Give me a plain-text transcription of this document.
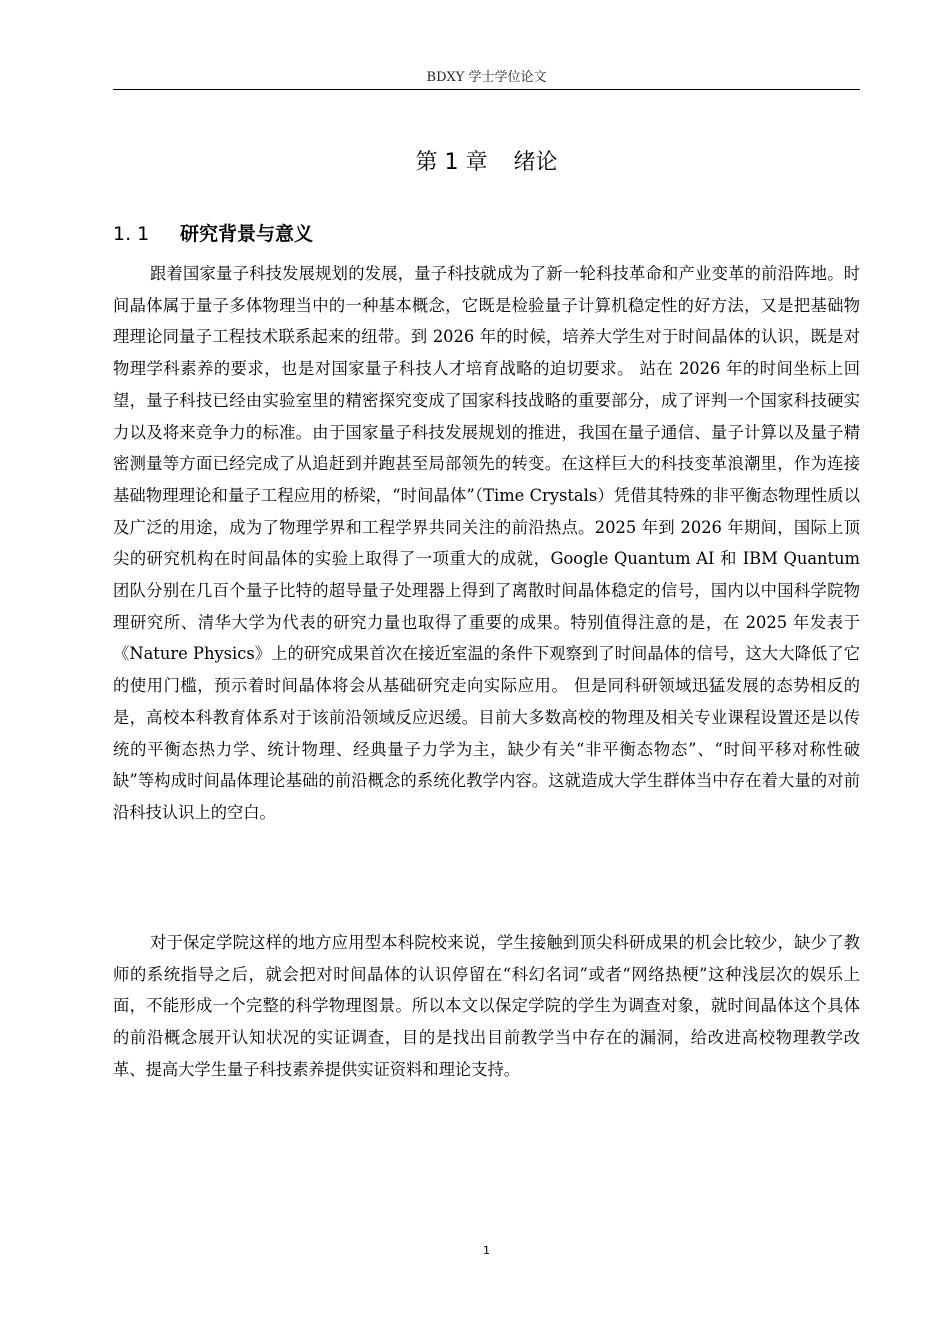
BDXY 学士学位论文
第 1 章 绪论
1. 1 研究背景与意义

跟着国家量子科技发展规划的发展，量子科技就成为了新一轮科技革命和产业变革的前沿阵地。时间晶体属于量子多体物理当中的一种基本概念，它既是检验量子计算机稳定性的好方法，又是把基础物理理论同量子工程技术联系起来的纽带。到 2026 年的时候，培养大学生对于时间晶体的认识，既是对物理学科素养的要求，也是对国家量子科技人才培育战略的迫切要求。 站在 2026 年的时间坐标上回望，量子科技已经由实验室里的精密探究变成了国家科技战略的重要部分，成了评判一个国家科技硬实力以及将来竞争力的标准。由于国家量子科技发展规划的推进，我国在量子通信、量子计算以及量子精密测量等方面已经完成了从追赶到并跑甚至局部领先的转变。在这样巨大的科技变革浪潮里，作为连接基础物理理论和量子工程应用的桥梁，“时间晶体”（Time Crystals）凭借其特殊的非平衡态物理性质以及广泛的用途，成为了物理学界和工程学界共同关注的前沿热点。2025 年到 2026 年期间，国际上顶尖的研究机构在时间晶体的实验上取得了一项重大的成就，Google Quantum AI 和 IBM Quantum 团队分别在几百个量子比特的超导量子处理器上得到了离散时间晶体稳定的信号，国内以中国科学院物理研究所、清华大学为代表的研究力量也取得了重要的成果。特别值得注意的是，在 2025 年发表于《Nature Physics》上的研究成果首次在接近室温的条件下观察到了时间晶体的信号，这大大降低了它的使用门槛，预示着时间晶体将会从基础研究走向实际应用。 但是同科研领域迅猛发展的态势相反的是，高校本科教育体系对于该前沿领域反应迟缓。目前大多数高校的物理及相关专业课程设置还是以传统的平衡态热力学、统计物理、经典量子力学为主，缺少有关“非平衡态物态”、“时间平移对称性破缺”等构成时间晶体理论基础的前沿概念的系统化教学内容。这就造成大学生群体当中存在着大量的对前沿科技认识上的空白。

对于保定学院这样的地方应用型本科院校来说，学生接触到顶尖科研成果的机会比较少，缺少了教师的系统指导之后，就会把对时间晶体的认识停留在“科幻名词”或者“网络热梗”这种浅层次的娱乐上面，不能形成一个完整的科学物理图景。所以本文以保定学院的学生为调查对象，就时间晶体这个具体的前沿概念展开认知状况的实证调查，目的是找出目前教学当中存在的漏洞，给改进高校物理教学改革、提高大学生量子科技素养提供实证资料和理论支持。

1
